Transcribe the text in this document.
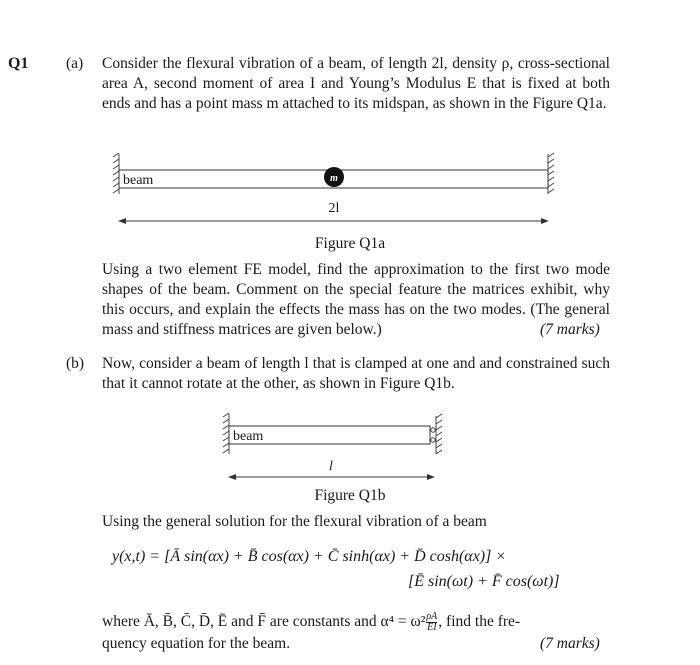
Q1 (a) Consider the flexural vibration of a beam, of length 2l, density ρ, cross-sectional area A, second moment of area I and Young’s Modulus E that is fixed at both ends and has a point mass m attached to its midspan, as shown in the Figure Q1a.
beam	m
2l
Figure Q1a
Using a two element FE model, find the approximation to the first two mode shapes of the beam. Comment on the special feature the matrices exhibit, why this occurs, and explain the effects the mass has on the two modes. (The general mass and stiffness matrices are given below.)	(7 marks)
(b) Now, consider a beam of length l that is clamped at one and and constrained such that it cannot rotate at the other, as shown in Figure Q1b.
beam
l
Figure Q1b
Using the general solution for the flexural vibration of a beam
y(x,t) = [Ā sin(αx) + B̄ cos(αx) + C̄ sinh(αx) + D̄ cosh(αx)] ×
[Ē sin(ωt) + F̄ cos(ωt)]
where Ā, B̄, C̄, D̄, Ē and F̄ are constants and $\alpha^4 = \omega^2 \frac{\rho A}{EI}$ , find the fre-
quency equation for the beam.	(7 marks)
